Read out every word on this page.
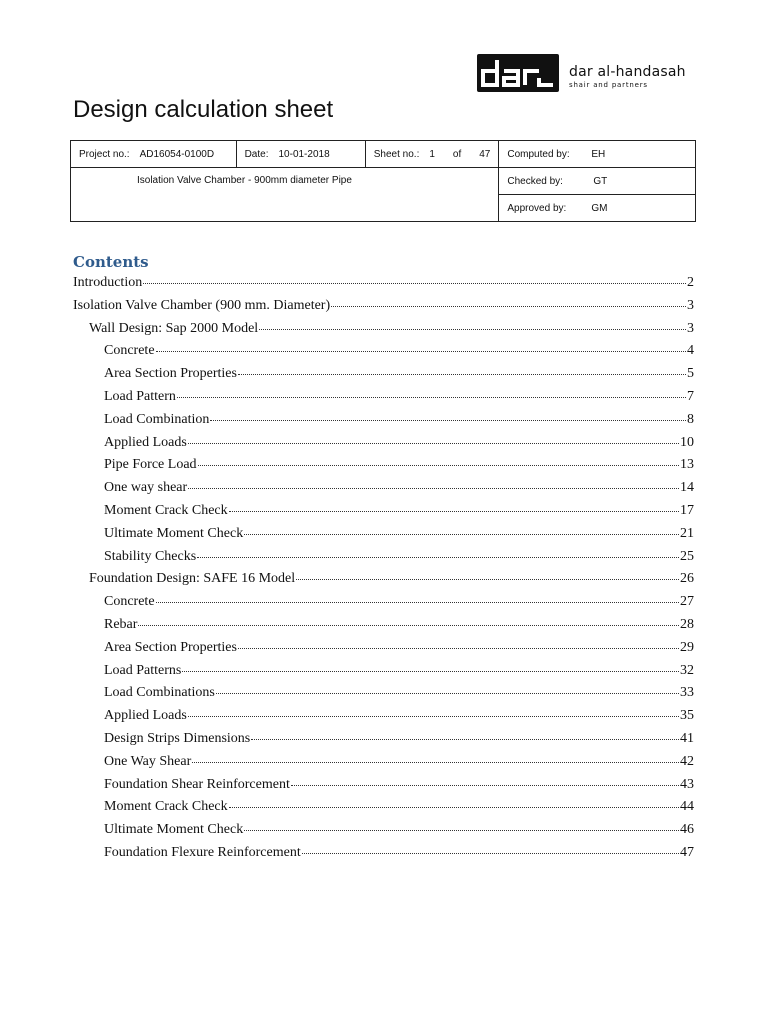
dar al-handasah
shair and partners
Design calculation sheet
Project no.: AD16054-0100D	Date: 10-01-2018	Sheet no.: 1 of 47	Computed by: EH
Isolation Valve Chamber - 900mm diameter Pipe			Checked by: GT
			Approved by: GM
Contents
Introduction	2
Isolation Valve Chamber (900 mm. Diameter)	3
Wall Design: Sap 2000 Model	3
Concrete	4
Area Section Properties	5
Load Pattern	7
Load Combination	8
Applied Loads	10
Pipe Force Load	13
One way shear	14
Moment Crack Check	17
Ultimate Moment Check	21
Stability Checks	25
Foundation Design: SAFE 16 Model	26
Concrete	27
Rebar	28
Area Section Properties	29
Load Patterns	32
Load Combinations	33
Applied Loads	35
Design Strips Dimensions	41
One Way Shear	42
Foundation Shear Reinforcement	43
Moment Crack Check	44
Ultimate Moment Check	46
Foundation Flexure Reinforcement	47
